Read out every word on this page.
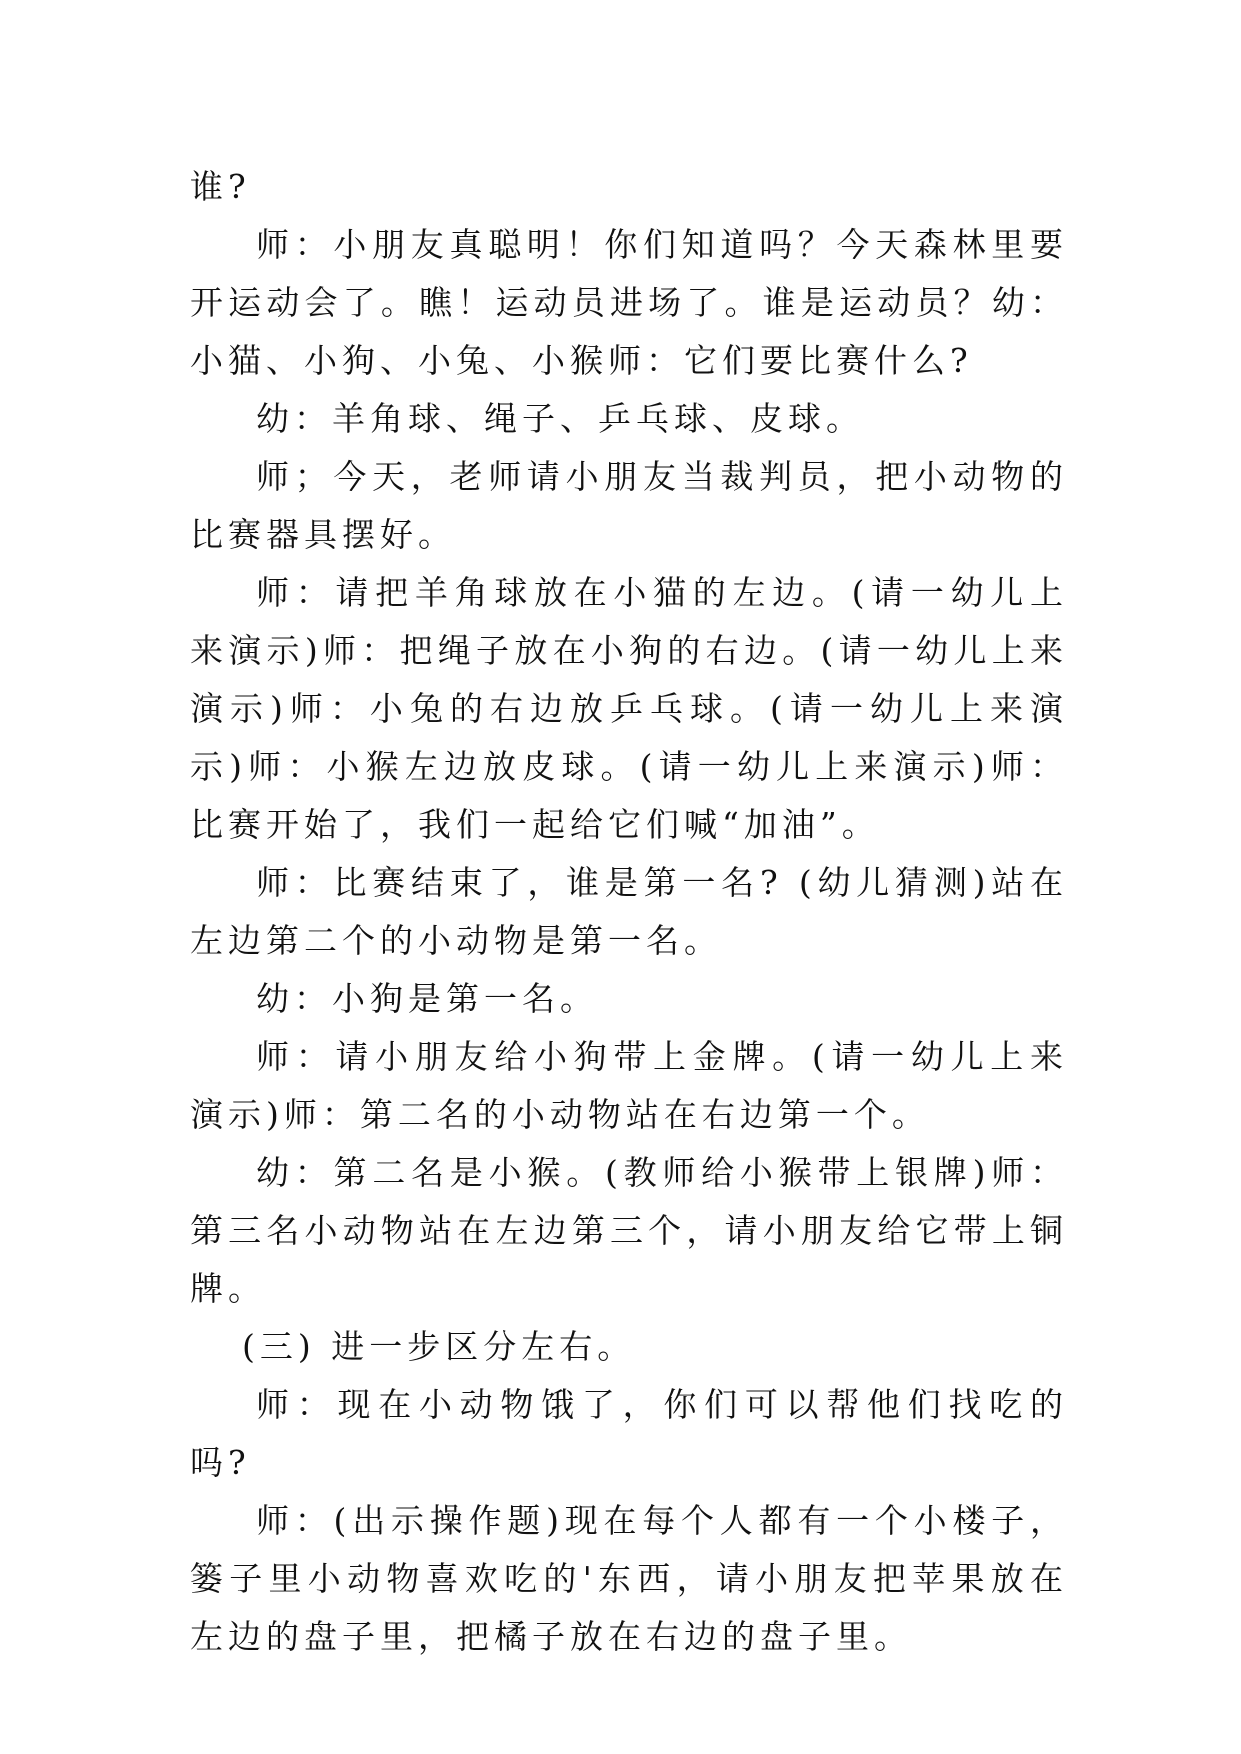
谁?

师：小朋友真聪明！你们知道吗？今天森林里要开运动会了。瞧！运动员进场了。谁是运动员？幼：小猫、小狗、小兔、小猴师：它们要比赛什么?

幼：羊角球、绳子、乒乓球、皮球。

师；今天，老师请小朋友当裁判员，把小动物的比赛器具摆好。

师：请把羊角球放在小猫的左边。(请一幼儿上来演示)师：把绳子放在小狗的右边。(请一幼儿上来演示)师：小兔的右边放乒乓球。(请一幼儿上来演示)师：小猴左边放皮球。(请一幼儿上来演示)师：比赛开始了，我们一起给它们喊“加油”。

师：比赛结束了，谁是第一名? (幼儿猜测)站在左边第二个的小动物是第一名。

幼：小狗是第一名。

师：请小朋友给小狗带上金牌。(请一幼儿上来演示)师：第二名的小动物站在右边第一个。

幼：第二名是小猴。(教师给小猴带上银牌)师：第三名小动物站在左边第三个，请小朋友给它带上铜牌。

(三) 进一步区分左右。

师：现在小动物饿了，你们可以帮他们找吃的吗?

师：(出示操作题)现在每个人都有一个小楼子，篓子里小动物喜欢吃的'东西，请小朋友把苹果放在左边的盘子里，把橘子放在右边的盘子里。
